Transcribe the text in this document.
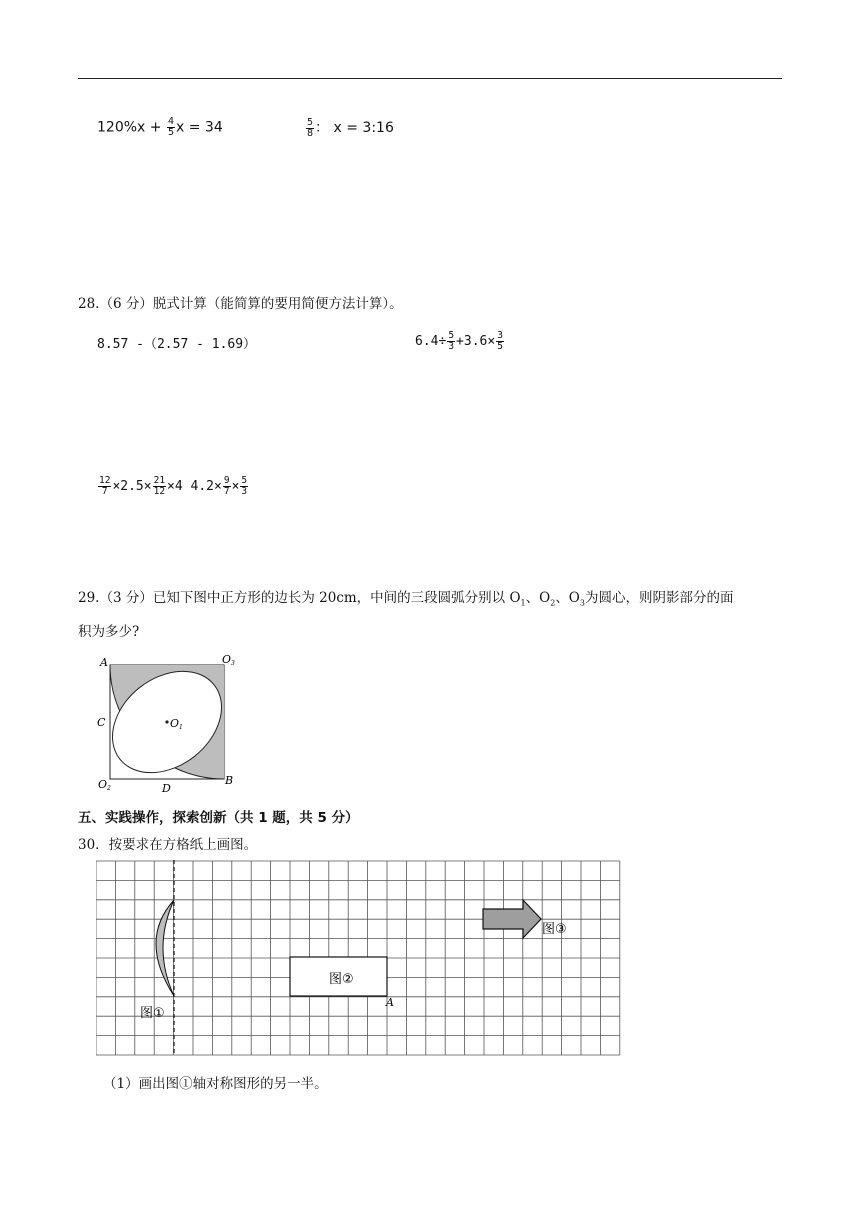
$120\%x + \frac{4}{5}$ x = 34	$\frac{5}{8}$ ： x = 3:16
28.（6 分）脱式计算（能简算的要用简便方法计算）。
8.57 -（2.57 - 1.69）	$6.4\div \frac{5}{3} +3.6\times \frac{3}{5}$
$\frac{12}{7} \times 2.5\times \frac{21}{12} \times 4$ $4.2\times \frac{9}{7} \times \frac{5}{3}$
29.（3 分）已知下图中正方形的边长为 20cm，中间的三段圆弧分别以 $O_1$、$O_2$、$O_3$为圆心，则阴影部分的面
积为多少?
A	O3
C	O1
O2	D
B
五、实践操作，探索创新（共 1 题，共 5 分）
30．按要求在方格纸上画图。
图①
图②
A
图③
（1）画出图①轴对称图形的另一半。
